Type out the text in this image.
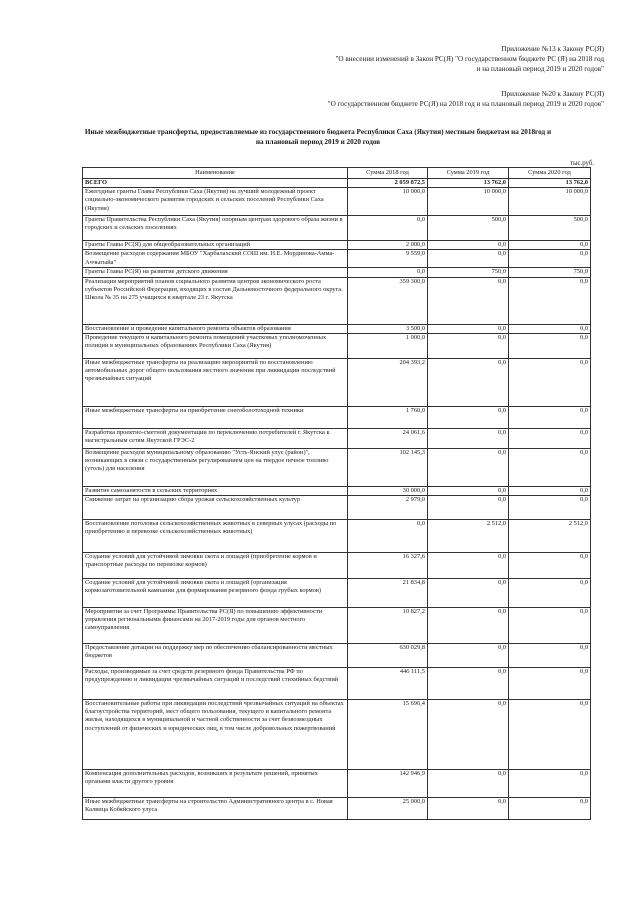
Приложение №13 к Закону РС(Я)
"О внесении изменений в Закон РС(Я) "О государственном бюджете РС (Я) на 2018 год
и на плановый период 2019 и 2020 годов"
Приложение №20 к Закону РС(Я)
"О государственном бюджете РС(Я) на 2018 год и на плановый период 2019 и 2020 годов"
Иные межбюджетные трансферты, предоставляемые из государственного бюджета Республики Саха (Якутия) местным бюджетам на 2018год и
на плановый период 2019 и 2020 годов
тыс.руб.
Наименование	Сумма 2018 год	Сумма 2019 год	Сумма 2020 год
ВСЕГО	2 059 872,5	13 762,0	13 762,0
Ежегодные гранты Главы Республики Саха (Якутия) на лучший молодежный проект социально-экономического развития городских и сельских поселений Республики Саха (Якутия)	10 000,0	10 000,0	10 000,0
Гранты Правительства Республики Саха (Якутия) опорным центрам здорового образа жизни в городских и сельских поселениях	0,0	500,0	500,0
Гранты Главы РС(Я) для общеобразовательных организаций	2 000,0	0,0	0,0
Возмещение расходов содержания МБОУ "Харбалахский СОШ им. Н.Е. Мординова-Амма-Аччыгыйа"	9 559,0	0,0	0,0
Гранты Главы РС(Я) на развитие детского движения	0,0	750,0	750,0
Реализация мероприятий планов социального развития центров экономического роста субъектов Российской Федерации, входящих в состав Дальневосточного федерального округа. Школа № 35 на 275 учащихся в квартале 23 г. Якутска	359 300,0	0,0	0,0
Восстановление и проведение капитального ремонта объектов образования	3 500,0	0,0	0,0
Проведение текущего и капитального ремонта помещений участковых уполномоченных полиции в муниципальных образованиях Республики Саха (Якутия)	1 000,0	0,0	0,0
Иные межбюджетные трансферты на реализацию мероприятий по восстановлению автомобильных дорог общего пользования местного значения при ликвидации последствий чрезвычайных ситуаций	204 393,2	0,0	0,0
Иные межбюджетные трансферты на приобретение снегоболотоходной техники	1 760,0	0,0	0,0
Разработка проектно-сметной документации по переключению потребителей г. Якутска к магистральным сетям Якутской ГРЭС-2	24 061,6	0,0	0,0
Возмещение расходов муниципальному образованию "Усть-Янский улус (район)", возникающих в связи с государственным регулированием цен на твердое печное топливо (уголь) для населения	102 145,3	0,0	0,0
Развитие самозанятости в сельских территориях	30 000,0	0,0	0,0
Снижение затрат на организацию сбора урожая сельскохозяйственных культур	2 979,0	0,0	0,0
Восстановление поголовья сельскохозяйственных животных в северных улусах (расходы по приобретению и перевозке сельскохозяйственных животных)	0,0	2 512,0	2 512,0
Создание условий для устойчивой зимовки скота и лошадей (приобретение кормов и транспортные расходы по перевозке кормов)	16 327,6	0,0	0,0
Создание условий для устойчивой зимовки скота и лошадей (организация кормозаготовительной кампании для формирования резервного фонда грубых кормов)	21 834,8	0,0	0,0
Мероприятия за счет Программы Правительства РС(Я) по повышению эффективности управления региональными финансами на 2017-2019 годы для органов местного самоуправления	10 827,2	0,0	0,0
Предоставление дотации на поддержку мер по обеспечению сбалансированности местных бюджетов	630 029,8	0,0	0,0
Расходы, производимые за счет средств резервного фонда Правительства РФ по предупреждению и ликвидации чрезвычайных ситуаций и последствий стихийных бедствий	446 111,5	0,0	0,0
Восстановительные работы при ликвидации последствий чрезвычайных ситуаций на объектах благоустройства территорий, мест общего пользования, текущего и капитального ремонта жилья, находящихся в муниципальной и частной собственности за счет безвозмездных поступлений от физических и юридических лиц, в том числе добровольных пожертвований	15 696,4	0,0	0,0
Компенсация дополнительных расходов, возникших в результате решений, принятых органами власти другого уровня	142 946,9	0,0	0,0
Иные межбюджетные трансферты на строительство Административного центра в с. Новая Калвица Кобяйского улуса	25 000,0	0,0	0,0
